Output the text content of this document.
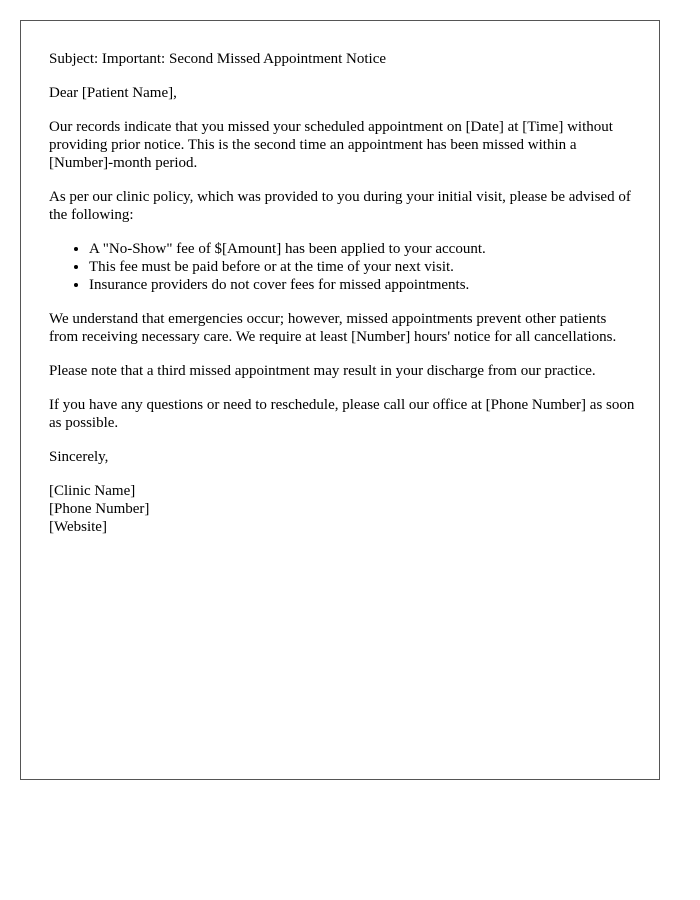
Subject: Important: Second Missed Appointment Notice

Dear [Patient Name],

Our records indicate that you missed your scheduled appointment on [Date] at [Time] without providing prior notice. This is the second time an appointment has been missed within a [Number]-month period.

As per our clinic policy, which was provided to you during your initial visit, please be advised of the following:

• A "No-Show" fee of $[Amount] has been applied to your account.
• This fee must be paid before or at the time of your next visit.
• Insurance providers do not cover fees for missed appointments.

We understand that emergencies occur; however, missed appointments prevent other patients from receiving necessary care. We require at least [Number] hours' notice for all cancellations.

Please note that a third missed appointment may result in your discharge from our practice.

If you have any questions or need to reschedule, please call our office at [Phone Number] as soon as possible.

Sincerely,

[Clinic Name]

[Phone Number]

[Website]
